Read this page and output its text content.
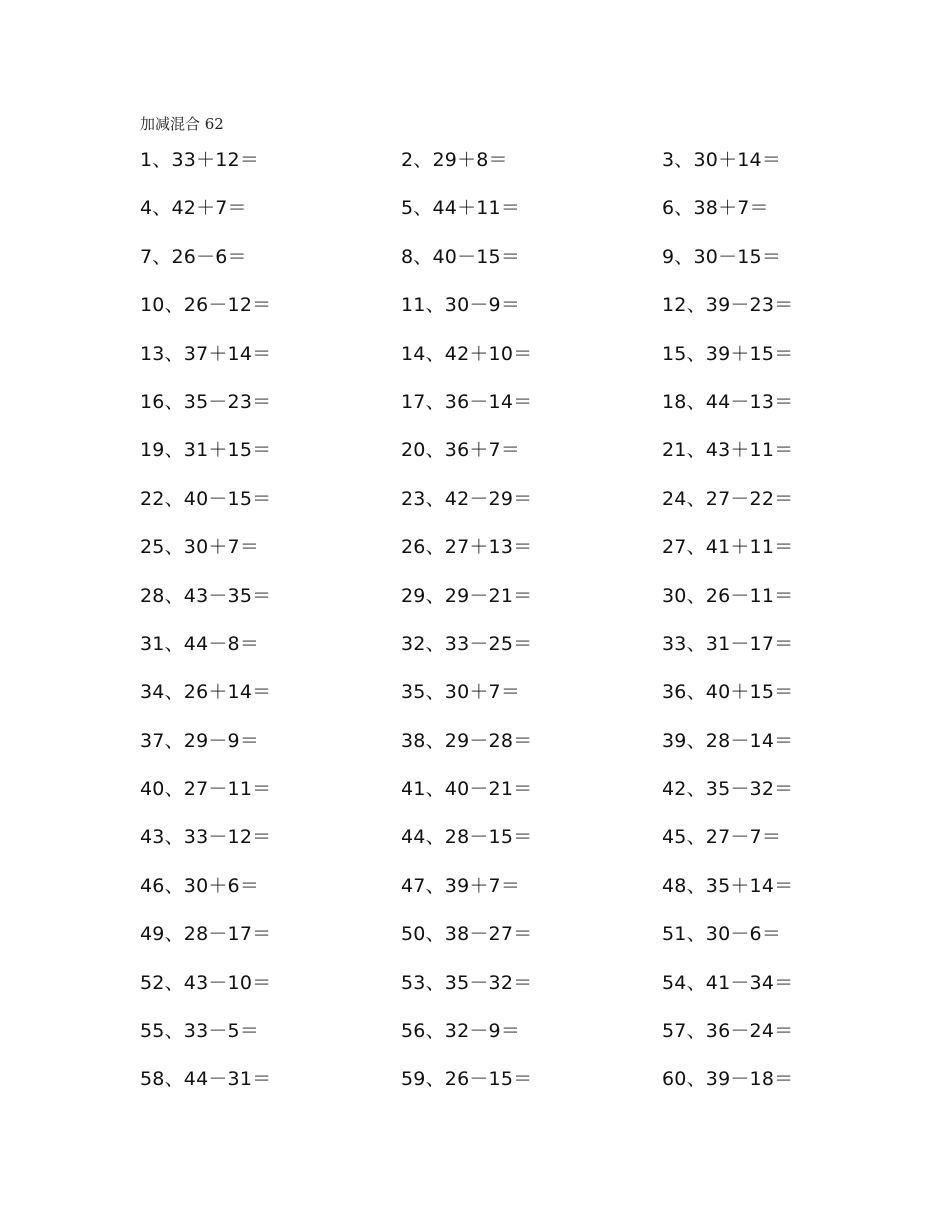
加减混合 62
1、33＋12＝	2、29＋8＝	3、30＋14＝
4、42＋7＝	5、44＋11＝	6、38＋7＝
7、26－6＝	8、40－15＝	9、30－15＝
10、26－12＝	11、30－9＝	12、39－23＝
13、37＋14＝	14、42＋10＝	15、39＋15＝
16、35－23＝	17、36－14＝	18、44－13＝
19、31＋15＝	20、36＋7＝	21、43＋11＝
22、40－15＝	23、42－29＝	24、27－22＝
25、30＋7＝	26、27＋13＝	27、41＋11＝
28、43－35＝	29、29－21＝	30、26－11＝
31、44－8＝	32、33－25＝	33、31－17＝
34、26＋14＝	35、30＋7＝	36、40＋15＝
37、29－9＝	38、29－28＝	39、28－14＝
40、27－11＝	41、40－21＝	42、35－32＝
43、33－12＝	44、28－15＝	45、27－7＝
46、30＋6＝	47、39＋7＝	48、35＋14＝
49、28－17＝	50、38－27＝	51、30－6＝
52、43－10＝	53、35－32＝	54、41－34＝
55、33－5＝	56、32－9＝	57、36－24＝
58、44－31＝	59、26－15＝	60、39－18＝
